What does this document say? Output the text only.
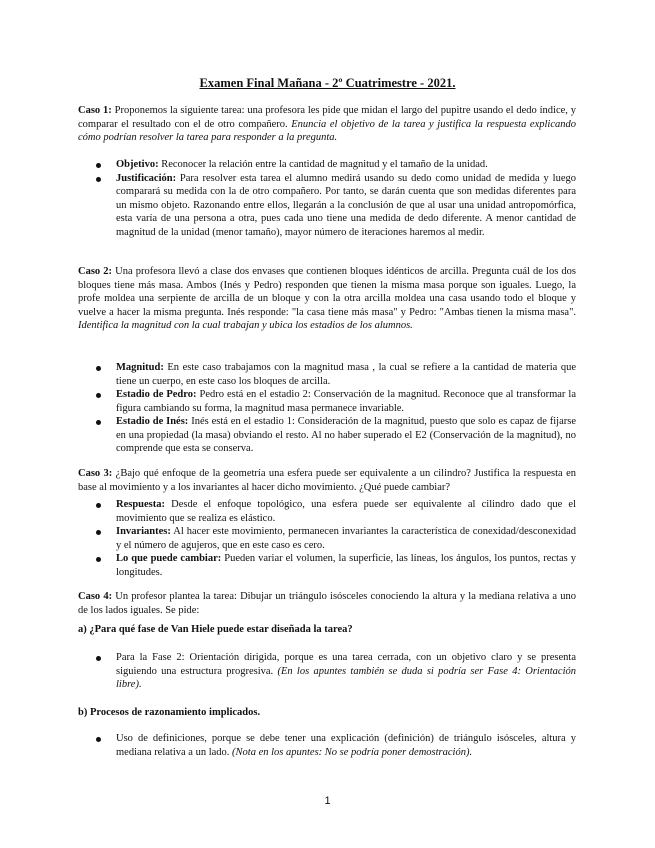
Examen Final Mañana - 2º Cuatrimestre - 2021.
Caso 1: Proponemos la siguiente tarea: una profesora les pide que midan el largo del pupitre usando el dedo índice, y comparar el resultado con el de otro compañero. Enuncia el objetivo de la tarea y justifica la respuesta explicando cómo podrían resolver la tarea para responder a la pregunta.
Objetivo: Reconocer la relación entre la cantidad de magnitud y el tamaño de la unidad.
Justificación: Para resolver esta tarea el alumno medirá usando su dedo como unidad de medida y luego comparará su medida con la de otro compañero. Por tanto, se darán cuenta que son medidas diferentes para un mismo objeto. Razonando entre ellos, llegarán a la conclusión de que al usar una unidad antropomórfica, esta varía de una persona a otra, pues cada uno tiene una medida de dedo diferente. A menor cantidad de magnitud de la unidad (menor tamaño), mayor número de iteraciones haremos al medir.
Caso 2: Una profesora llevó a clase dos envases que contienen bloques idénticos de arcilla. Pregunta cuál de los dos bloques tiene más masa. Ambos (Inés y Pedro) responden que tienen la misma masa porque son iguales. Luego, la profe moldea una serpiente de arcilla de un bloque y con la otra arcilla moldea una casa usando todo el bloque y vuelve a hacer la misma pregunta. Inés responde: "la casa tiene más masa" y Pedro: "Ambas tienen la misma masa". Identifica la magnitud con la cual trabajan y ubica los estadios de los alumnos.
Magnitud: En este caso trabajamos con la magnitud masa , la cual se refiere a la cantidad de materia que tiene un cuerpo, en este caso los bloques de arcilla.
Estadio de Pedro: Pedro está en el estadio 2: Conservación de la magnitud. Reconoce que al transformar la figura cambiando su forma, la magnitud masa permanece invariable.
Estadio de Inés: Inés está en el estadio 1: Consideración de la magnitud, puesto que solo es capaz de fijarse en una propiedad (la masa) obviando el resto. Al no haber superado el E2 (Conservación de la magnitud), no comprende que esta se conserva.
Caso 3: ¿Bajo qué enfoque de la geometría una esfera puede ser equivalente a un cilindro? Justifica la respuesta en base al movimiento y a los invariantes al hacer dicho movimiento. ¿Qué puede cambiar?
Respuesta: Desde el enfoque topológico, una esfera puede ser equivalente al cilindro dado que el movimiento que se realiza es elástico.
Invariantes: Al hacer este movimiento, permanecen invariantes la característica de conexidad/desconexidad y el número de agujeros, que en este caso es cero.
Lo que puede cambiar: Pueden variar el volumen, la superficie, las líneas, los ángulos, los puntos, rectas y longitudes.
Caso 4: Un profesor plantea la tarea: Dibujar un triángulo isósceles conociendo la altura y la mediana relativa a uno de los lados iguales. Se pide:
a) ¿Para qué fase de Van Hiele puede estar diseñada la tarea?
Para la Fase 2: Orientación dirigida, porque es una tarea cerrada, con un objetivo claro y se presenta siguiendo una estructura progresiva. (En los apuntes también se duda si podría ser Fase 4: Orientación libre).
b) Procesos de razonamiento implicados.
Uso de definiciones, porque se debe tener una explicación (definición) de triángulo isósceles, altura y mediana relativa a un lado. (Nota en los apuntes: No se podría poner demostración).
1
